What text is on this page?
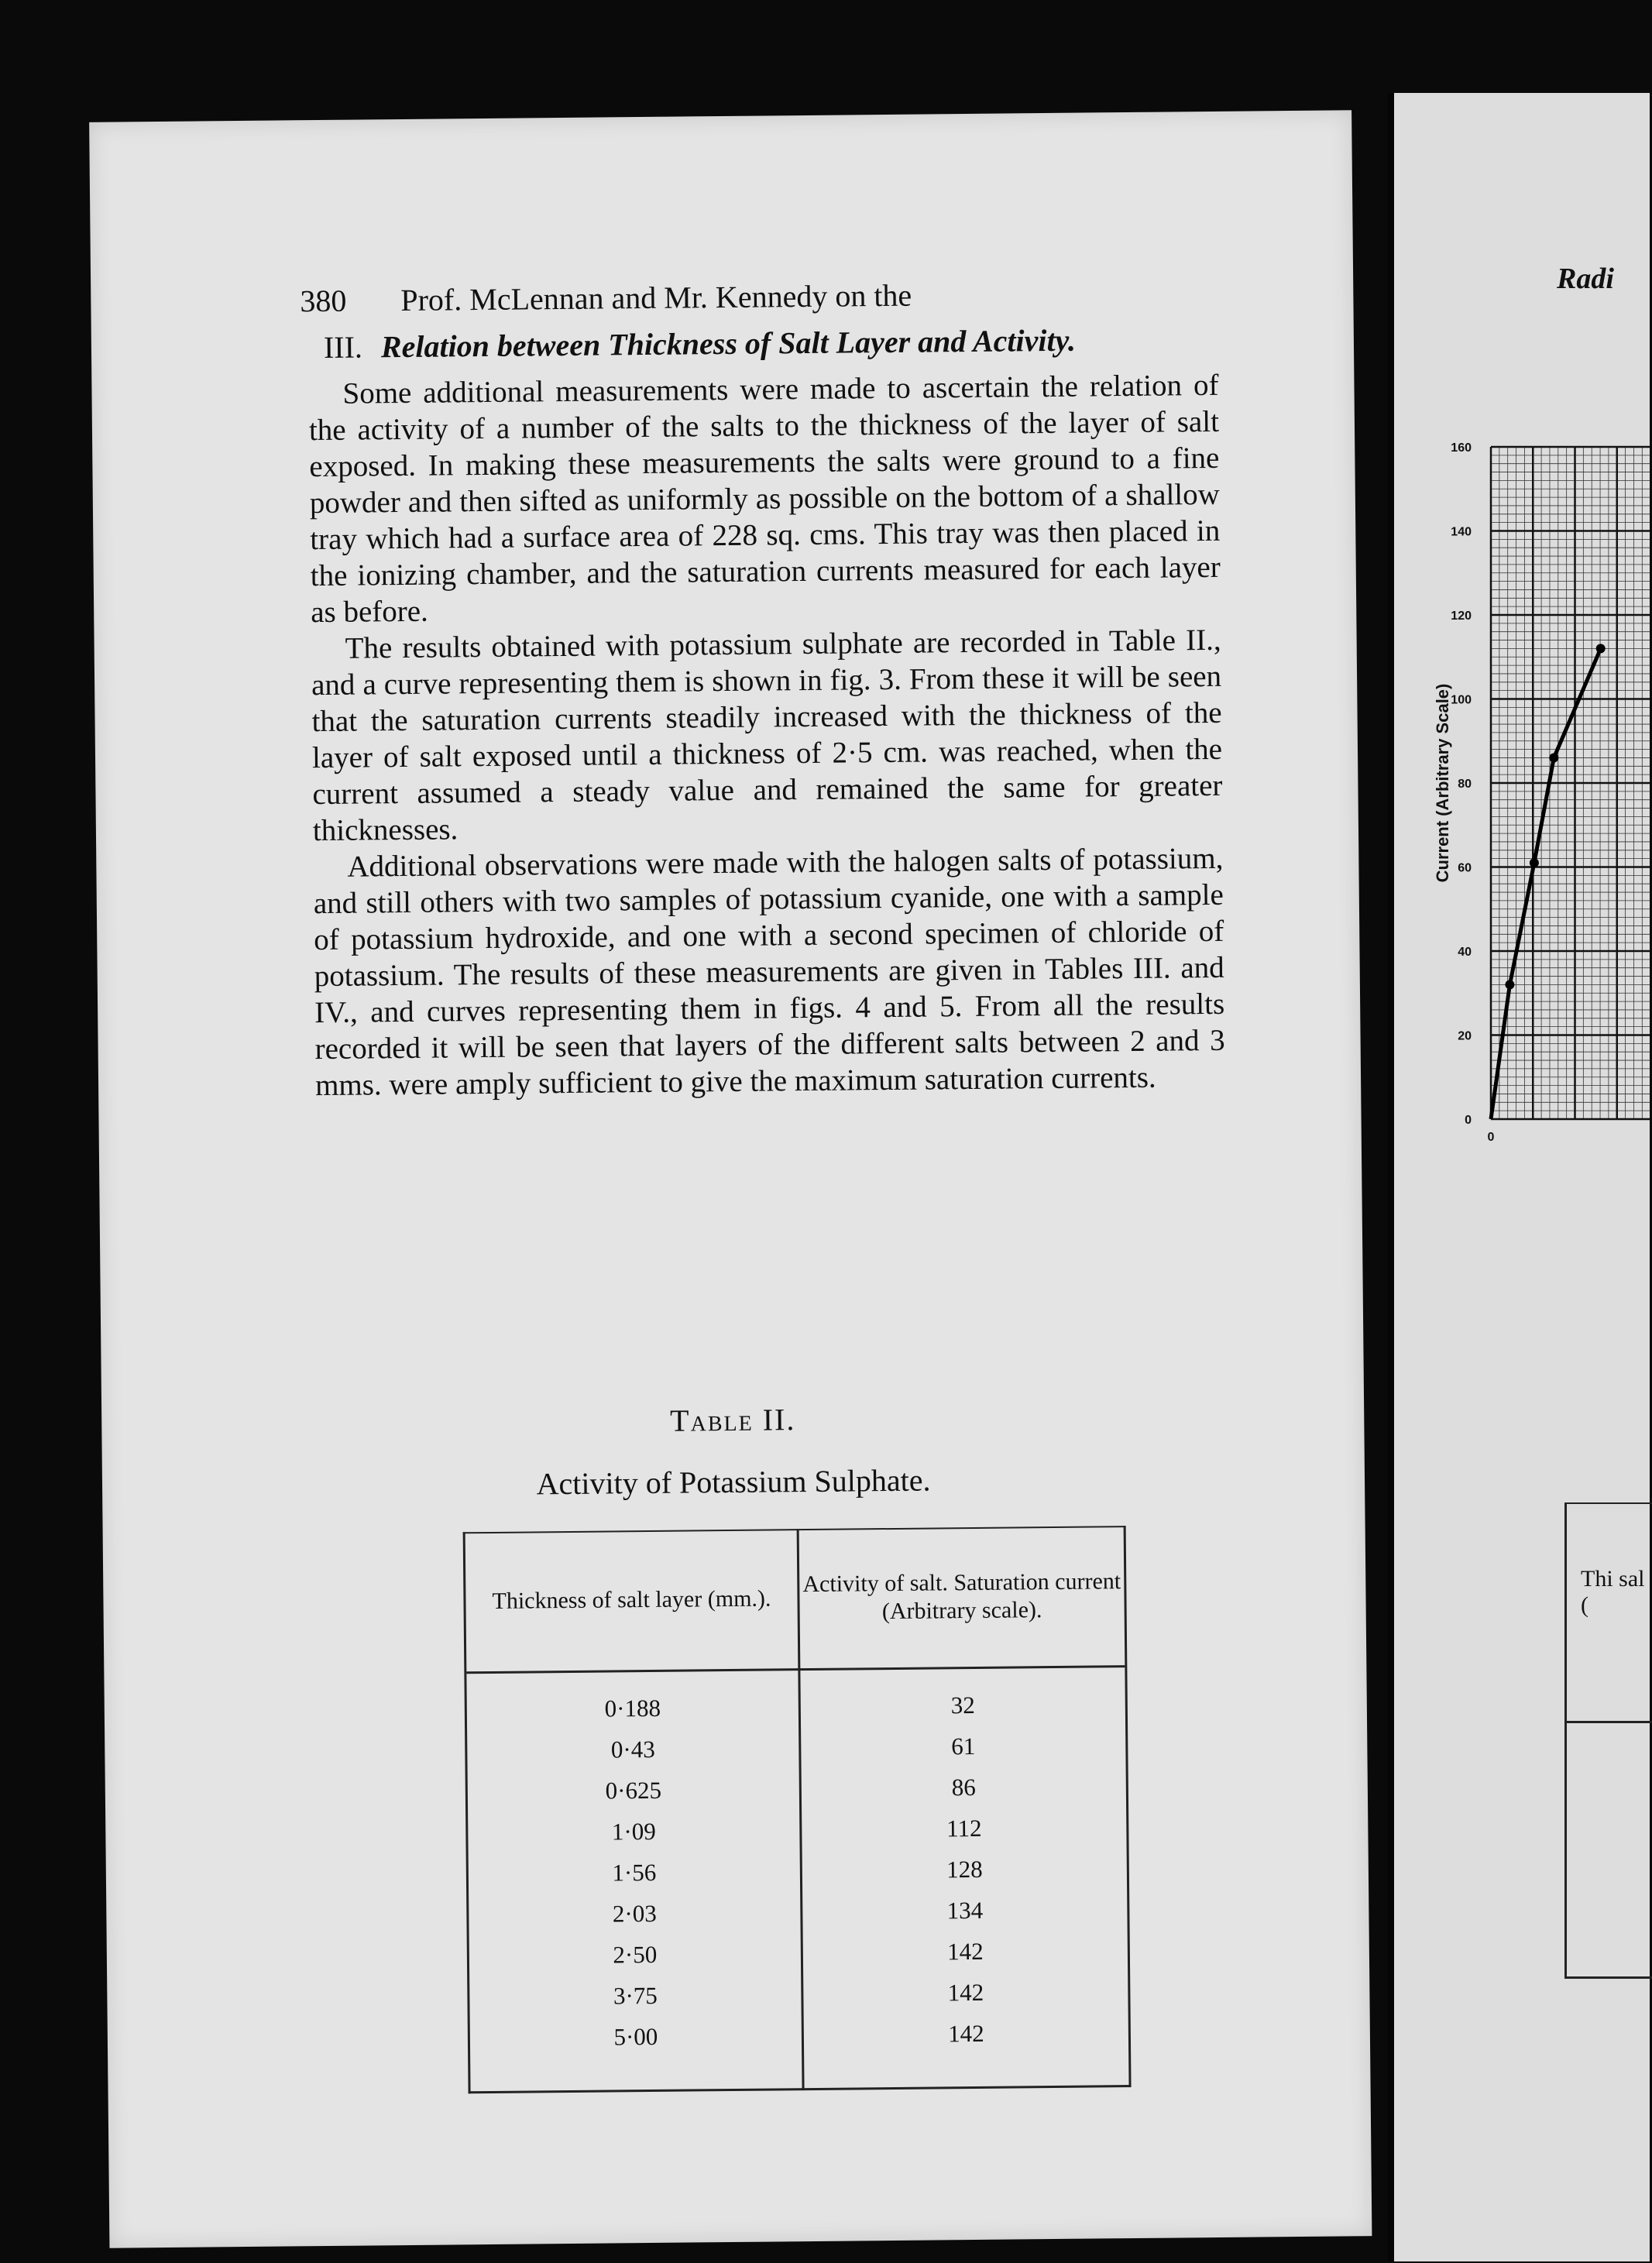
380 Prof. McLennan and Mr. Kennedy on the
III. Relation between Thickness of Salt Layer and Activity.

Some additional measurements were made to ascertain the relation of the activity of a number of the salts to the thickness of the layer of salt exposed. In making these measurements the salts were ground to a fine powder and then sifted as uniformly as possible on the bottom of a shallow tray which had a surface area of 228 sq. cms. This tray was then placed in the ionizing chamber, and the saturation currents measured for each layer as before.

The results obtained with potassium sulphate are recorded in Table II., and a curve representing them is shown in fig. 3. From these it will be seen that the saturation currents steadily increased with the thickness of the layer of salt exposed until a thickness of 2·5 cm. was reached, when the current assumed a steady value and remained the same for greater thicknesses.

Additional observations were made with the halogen salts of potassium, and still others with two samples of potassium cyanide, one with a sample of potassium hydroxide, and one with a second specimen of chloride of potassium. The results of these measurements are given in Tables III. and IV., and curves representing them in figs. 4 and 5. From all the results recorded it will be seen that layers of the different salts between 2 and 3 mms. were amply sufficient to give the maximum saturation currents.

Table II.
Activity of Potassium Sulphate.
Thickness of salt layer (mm.).
Activity of salt. Saturation current (Arbitrary scale).
0·188	32
0·43	61
0·625	86
1·09	112
1·56	128
2·03	134
2·50	142
3·75	142
5·00	142
Radi
0
20
40
60
80
100
120
140
160
0
Current (Arbitrary Scale)
Thi sal (
